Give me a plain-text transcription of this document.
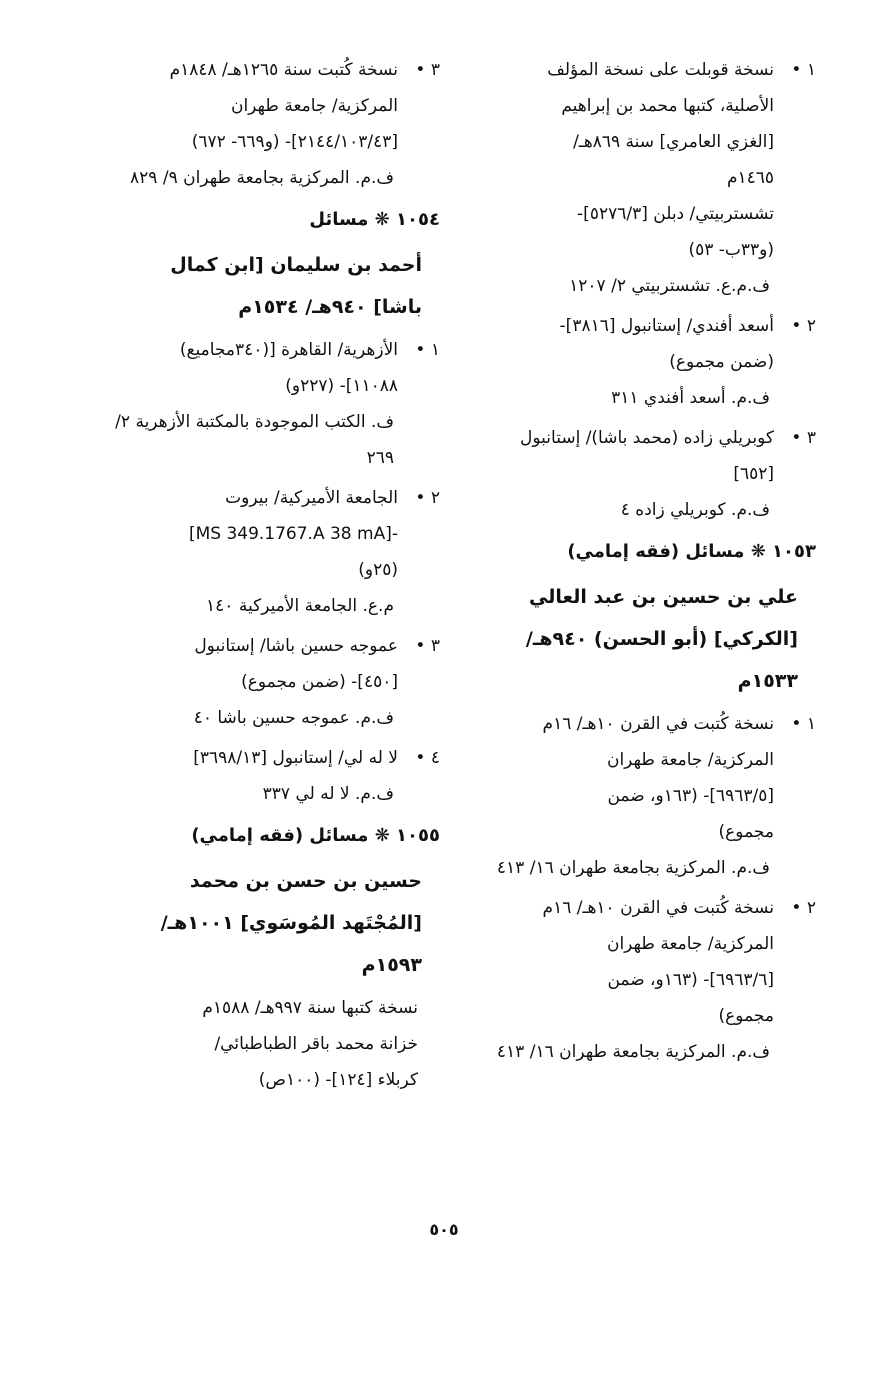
١ •
نسخة قوبلت على نسخة المؤلف
الأصلية، كتبها محمد بن إبراهيم
[الغزي العامري] سنة ٨٦٩هـ/
١٤٦٥م
تشستربيتي/ دبلن [٥٢٧٦/٣]-
(و٣٣ب- ٥٣)
ف.م.ع. تشستربيتي ٢/ ١٢٠٧
٢ •
أسعد أفندي/ إستانبول [٣٨١٦]-
(ضمن مجموع)
ف.م. أسعد أفندي ٣١١
٣ •
كوبريلي زاده (محمد باشا)/ إستانبول
[٦٥٢]
ف.م. كوبريلي زاده ٤
١٠٥٣ ❋ مسائل (فقه إمامي)
علي بن حسين بن عبد العالي
[الكركي] (أبو الحسن) ٩٤٠هـ/
١٥٣٣م
١ •
نسخة كُتبت في القرن ١٠هـ/ ١٦م
المركزية/ جامعة طهران
[٦٩٦٣/٥]- (١٦٣و، ضمن
مجموع)
ف.م. المركزية بجامعة طهران ١٦/ ٤١٣
٢ •
نسخة كُتبت في القرن ١٠هـ/ ١٦م
المركزية/ جامعة طهران
[٦٩٦٣/٦]- (١٦٣و، ضمن
مجموع)
ف.م. المركزية بجامعة طهران ١٦/ ٤١٣
٣ •
نسخة كُتبت سنة ١٢٦٥هـ/ ١٨٤٨م
المركزية/ جامعة طهران
[٢١٤٤/١٠٣/٤٣]- (و٦٦٩- ٦٧٢)
ف.م. المركزية بجامعة طهران ٩/ ٨٢٩
١٠٥٤ ❋ مسائل
أحمد بن سليمان [ابن كمال
باشا] ٩٤٠هـ/ ١٥٣٤م
١ •
الأزهرية/ القاهرة [(٣٤٠مجاميع)
١١٠٨٨]- (٢٢٧و)
ف. الكتب الموجودة بالمكتبة الأزهرية ٢/ ٢٦٩
٢ •
الجامعة الأميركية/ بيروت
-[MS 349.1767.A 38 mA]
(٢٥و)
م.ع. الجامعة الأميركية ١٤٠
٣ •
عموجه حسين باشا/ إستانبول
[٤٥٠]- (ضمن مجموع)
ف.م. عموجه حسين باشا ٤٠
٤ •
لا له لي/ إستانبول [٣٦٩٨/١٣]
ف.م. لا له لي ٣٣٧
١٠٥٥ ❋ مسائل (فقه إمامي)
حسين بن حسن بن محمد
[المُجْتَهد المُوسَوي] ١٠٠١هـ/
١٥٩٣م
نسخة كتبها سنة ٩٩٧هـ/ ١٥٨٨م
خزانة محمد باقر الطباطبائي/
كربلاء [١٢٤]- (١٠٠ص)
٥٠٥
